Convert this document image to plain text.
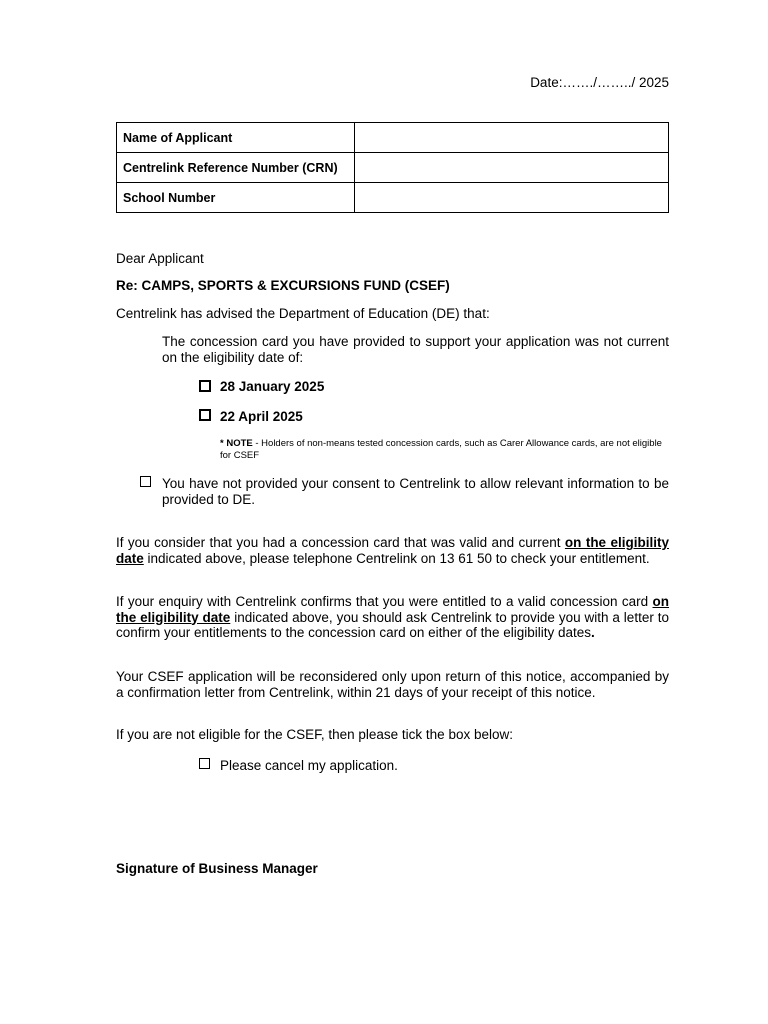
Date:……./……../ 2025
Name of Applicant	
Centrelink Reference Number (CRN)	
School Number	

Dear Applicant

Re: CAMPS, SPORTS & EXCURSIONS FUND (CSEF)

Centrelink has advised the Department of Education (DE) that:

The concession card you have provided to support your application was not current on the eligibility date of:

28 January 2025

22 April 2025

* NOTE - Holders of non-means tested concession cards, such as Carer Allowance cards, are not eligible for CSEF

You have not provided your consent to Centrelink to allow relevant information to be provided to DE.

If you consider that you had a concession card that was valid and current on the eligibility date indicated above, please telephone Centrelink on 13 61 50 to check your entitlement.

If your enquiry with Centrelink confirms that you were entitled to a valid concession card on the eligibility date indicated above, you should ask Centrelink to provide you with a letter to confirm your entitlements to the concession card on either of the eligibility dates.

Your CSEF application will be reconsidered only upon return of this notice, accompanied by a confirmation letter from Centrelink, within 21 days of your receipt of this notice.

If you are not eligible for the CSEF, then please tick the box below:

Please cancel my application.

Signature of Business Manager
